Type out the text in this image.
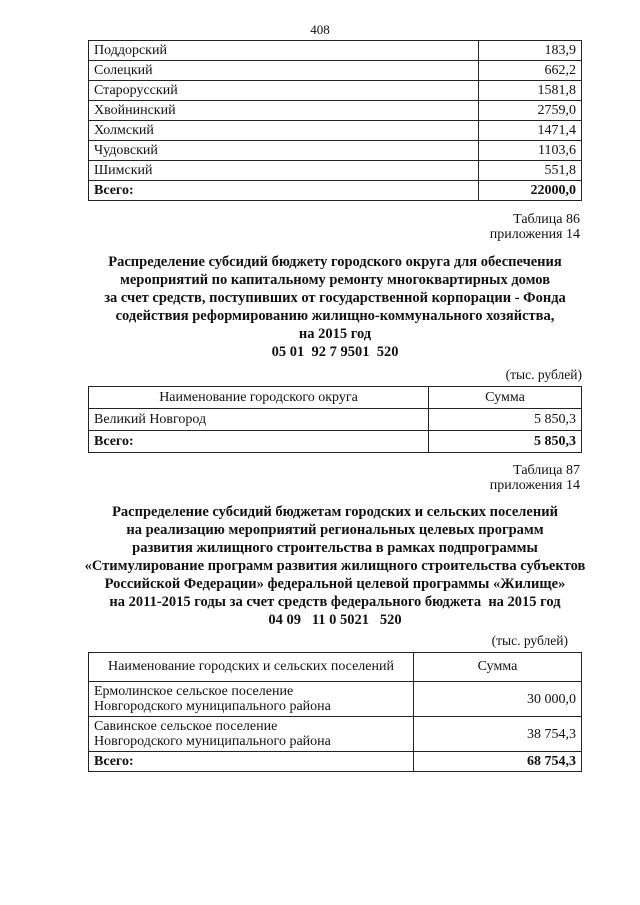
408
Поддорский	183,9
Солецкий	662,2
Старорусский	1581,8
Хвойнинский	2759,0
Холмский	1471,4
Чудовский	1103,6
Шимский	551,8
Всего:	22000,0
Таблица 86
приложения 14
Распределение субсидий бюджету городского округа для обеспечения
мероприятий по капитальному ремонту многоквартирных домов
за счет средств, поступивших от государственной корпорации - Фонда
содействия реформированию жилищно-коммунального хозяйства,
на 2015 год
05 01  92 7 9501  520
(тыс. рублей)
Наименование городского округа	Сумма
Великий Новгород	5 850,3
Всего:	5 850,3
Таблица 87
приложения 14
Распределение субсидий бюджетам городских и сельских поселений
на реализацию мероприятий региональных целевых программ
развития жилищного строительства в рамках подпрограммы
«Стимулирование программ развития жилищного строительства субъектов
Российской Федерации» федеральной целевой программы «Жилище»
на 2011-2015 годы за счет средств федерального бюджета  на 2015 год
04 09   11 0 5021   520
(тыс. рублей)
Наименование городских и сельских поселений	Сумма

Ермолинское сельское поселение
Новгородского муниципального района	30 000,0

Савинское сельское поселение
Новгородского муниципального района	38 754,3
Всего:	68 754,3
